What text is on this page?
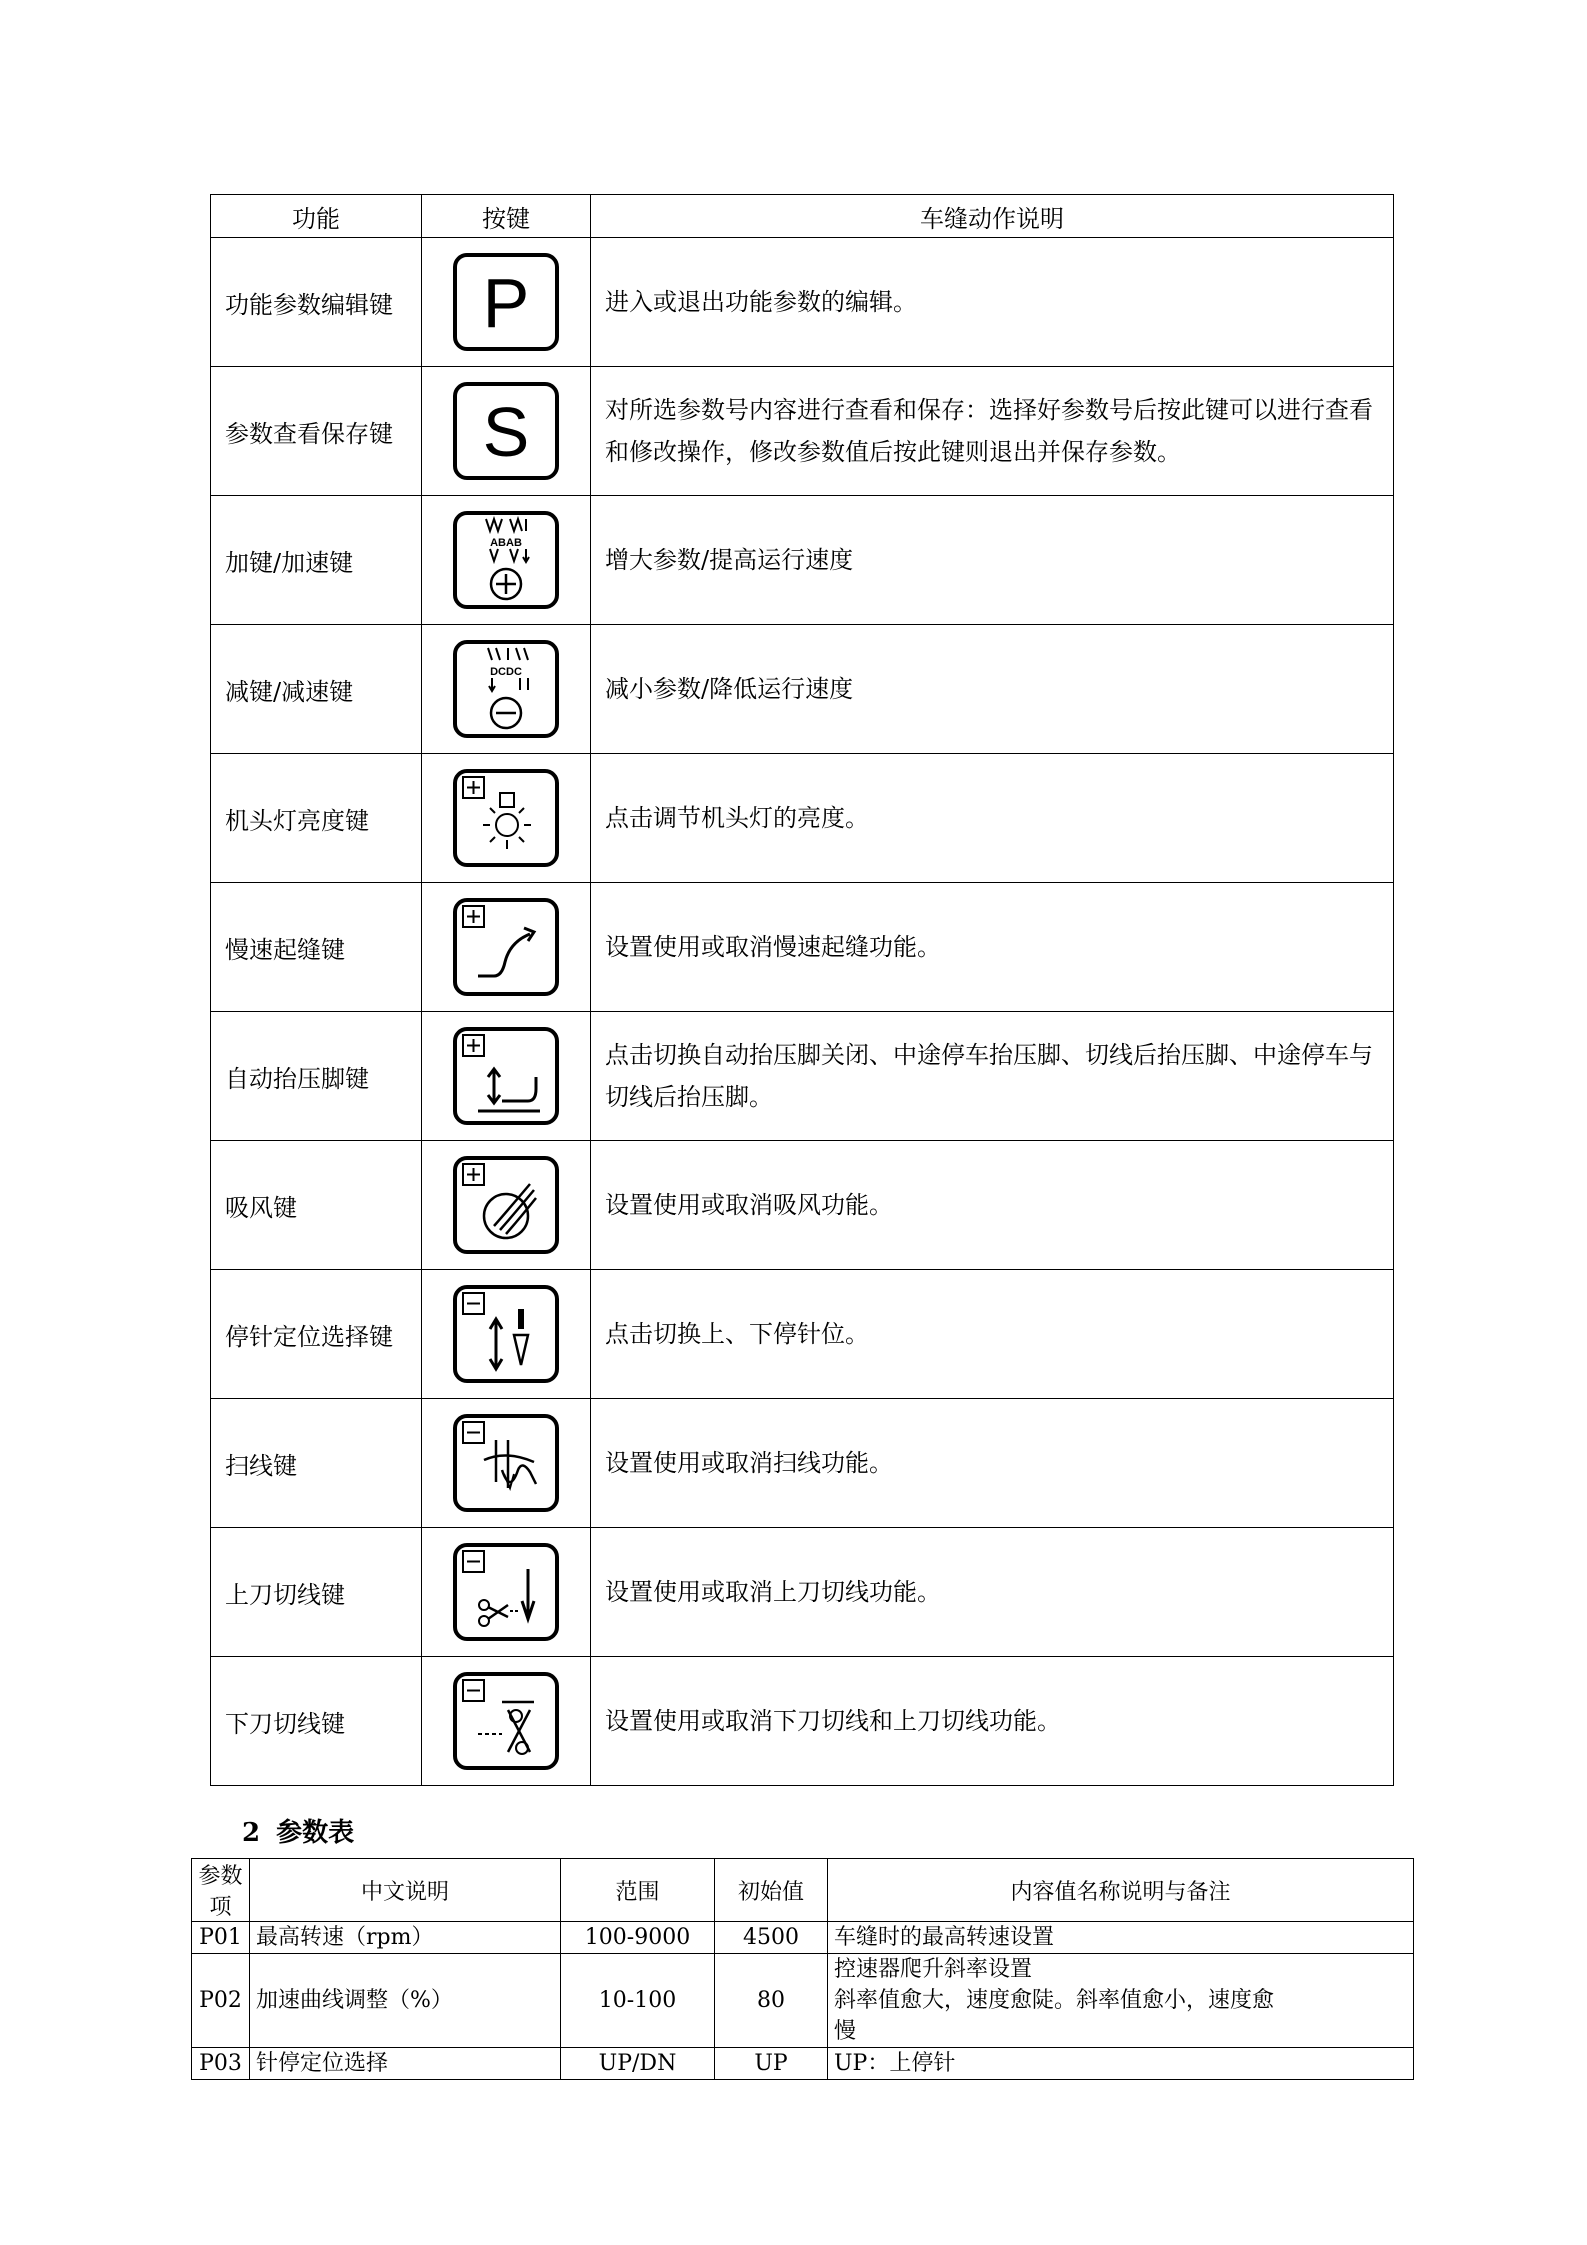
功能	按键	车缝动作说明
功能参数编辑键	P	进入或退出功能参数的编辑。

参数查看保存键	S	对所选参数号内容进行查看和保存：选择好参数号后按此键可以进行查看
和修改操作，修改参数值后按此键则退出并保存参数。

加键/加速键	ABAB	增大参数/提高运行速度

减键/减速键	DCDC	减小参数/降低运行速度

机头灯亮度键		点击调节机头灯的亮度。

慢速起缝键		设置使用或取消慢速起缝功能。

自动抬压脚键		点击切换自动抬压脚关闭、中途停车抬压脚、切线后抬压脚、中途停车与
切线后抬压脚。

吸风键		设置使用或取消吸风功能。

停针定位选择键		点击切换上、下停针位。

扫线键		设置使用或取消扫线功能。

上刀切线键		设置使用或取消上刀切线功能。

下刀切线键		设置使用或取消下刀切线和上刀切线功能。
2 参数表
参数项	中文说明	范围	初始值	内容值名称说明与备注
P01	最高转速（rpm）	100-9000	4500	车缝时的最高转速设置

P02	加速曲线调整（%）	10-100	80	控速器爬升斜率设置
斜率值愈大，速度愈陡。斜率值愈小，速度愈
慢

P03	针停定位选择	UP/DN	UP	UP：上停针
